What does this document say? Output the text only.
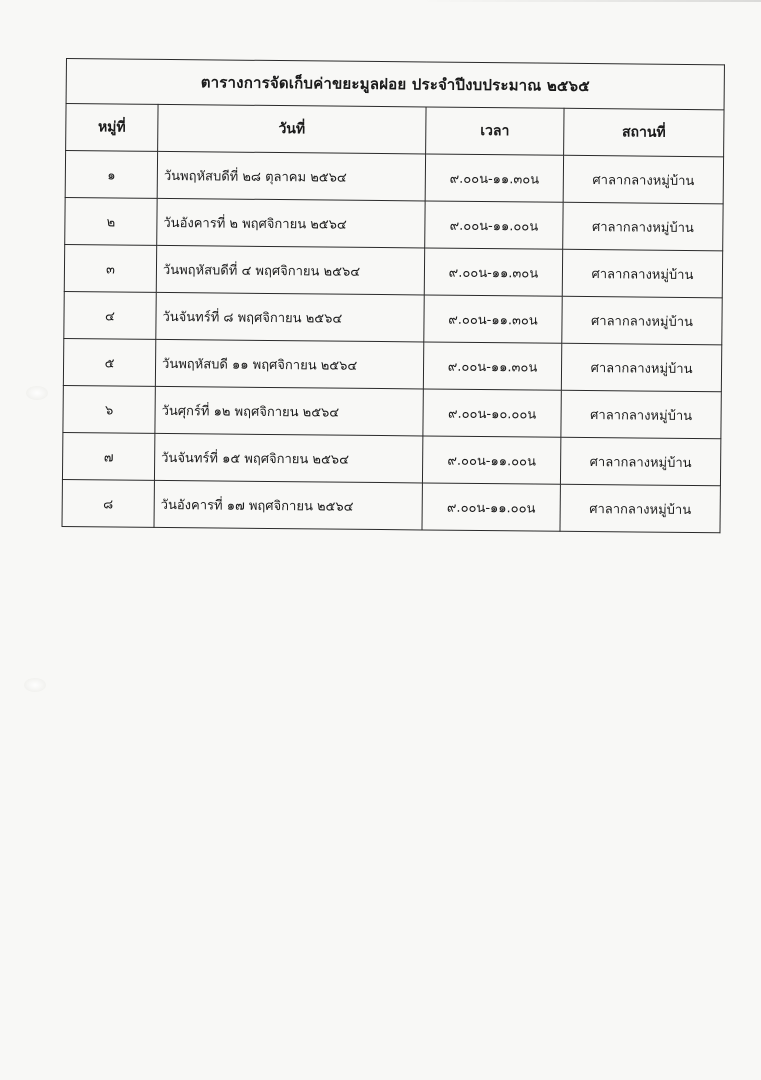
ตารางการจัดเก็บค่าขยะมูลฝอย ประจำปีงบประมาณ ๒๕๖๕			
หมู่ที่	วันที่	เวลา	สถานที่
๑	วันพฤหัสบดีที่ ๒๘ ตุลาคม ๒๕๖๔	๙.๐๐น-๑๑.๓๐น	ศาลากลางหมู่บ้าน
๒	วันอังคารที่ ๒ พฤศจิกายน ๒๕๖๔	๙.๐๐น-๑๑.๐๐น	ศาลากลางหมู่บ้าน
๓	วันพฤหัสบดีที่ ๔ พฤศจิกายน ๒๕๖๔	๙.๐๐น-๑๑.๓๐น	ศาลากลางหมู่บ้าน
๔	วันจันทร์ที่ ๘ พฤศจิกายน ๒๕๖๔	๙.๐๐น-๑๑.๓๐น	ศาลากลางหมู่บ้าน
๕	วันพฤหัสบดี ๑๑ พฤศจิกายน ๒๕๖๔	๙.๐๐น-๑๑.๓๐น	ศาลากลางหมู่บ้าน
๖	วันศุกร์ที่ ๑๒ พฤศจิกายน ๒๕๖๔	๙.๐๐น-๑๐.๐๐น	ศาลากลางหมู่บ้าน
๗	วันจันทร์ที่ ๑๕ พฤศจิกายน ๒๕๖๔	๙.๐๐น-๑๑.๐๐น	ศาลากลางหมู่บ้าน
๘	วันอังคารที่ ๑๗ พฤศจิกายน ๒๕๖๔	๙.๐๐น-๑๑.๐๐น	ศาลากลางหมู่บ้าน
